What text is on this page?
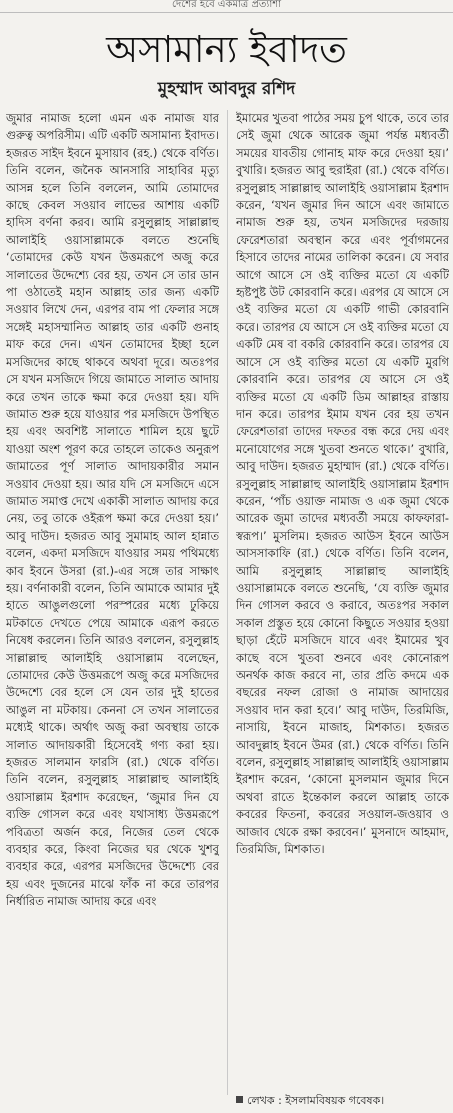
দেশের হবে একমাত্র প্রত্যাশা
অসামান্য ইবাদত
মুহম্মাদ আবদুর রশিদ

জুমার নামাজ হলো এমন এক নামাজ যার গুরুত্ব অপরিসীম। এটি একটি অসামান্য ইবাদত। হজরত সাইদ ইবনে মুসায়াব (রহ.) থেকে বর্ণিত। তিনি বলেন, জনৈক আনসারি সাহাবির মৃত্যু আসন্ন হলে তিনি বললেন, আমি তোমাদের কাছে কেবল সওয়াব লাভের আশায় একটি হাদিস বর্ণনা করব। আমি রসুলুল্লাহ সাল্লাল্লাহু আলাইহি ওয়াসাল্লামকে বলতে শুনেছি ‘তোমাদের কেউ যখন উত্তমরূপে অজু করে সালাতের উদ্দেশ্যে বের হয়, তখন সে তার ডান পা ওঠাতেই মহান আল্লাহ তার জন্য একটি সওয়াব লিখে দেন, এরপর বাম পা ফেলার সঙ্গে সঙ্গেই মহাসম্মানিত আল্লাহ তার একটি গুনাহ মাফ করে দেন। এখন তোমাদের ইচ্ছা হলে মসজিদের কাছে থাকবে অথবা দূরে। অতঃপর সে যখন মসজিদে গিয়ে জামাতে সালাত আদায় করে তখন তাকে ক্ষমা করে দেওয়া হয়। যদি জামাত শুরু হয়ে যাওয়ার পর মসজিদে উপস্থিত হয় এবং অবশিষ্ট সালাতে শামিল হয়ে ছুটে যাওয়া অংশ পূরণ করে তাহলে তাকেও অনুরূপ জামাতের পূর্ণ সালাত আদায়কারীর সমান সওয়াব দেওয়া হয়। আর যদি সে মসজিদে এসে জামাত সমাপ্ত দেখে একাকী সালাত আদায় করে নেয়, তবু তাকে ওইরূপ ক্ষমা করে দেওয়া হয়।’ আবু দাউদ। হজরত আবু সুমামাহ আল হান্নাত বলেন, একদা মসজিদে যাওয়ার সময় পথিমধ্যে কাব ইবনে উসরা (রা.)-এর সঙ্গে তার সাক্ষাৎ হয়। বর্ণনাকারী বলেন, তিনি আমাকে আমার দুই হাতে আঙুলগুলো পরস্পরের মধ্যে ঢুকিয়ে মটকাতে দেখতে পেয়ে আমাকে এরূপ করতে নিষেধ করলেন। তিনি আরও বললেন, রসুলুল্লাহ সাল্লাল্লাহু আলাইহি ওয়াসাল্লাম বলেছেন, তোমাদের কেউ উত্তমরূপে অজু করে মসজিদের উদ্দেশ্যে বের হলে সে যেন তার দুই হাতের আঙুল না মটকায়। কেননা সে তখন সালাতের মধ্যেই থাকে। অর্থাৎ অজু করা অবস্থায় তাকে সালাত আদায়কারী হিসেবেই গণ্য করা হয়। হজরত সালমান ফারসি (রা.) থেকে বর্ণিত। তিনি বলেন, রসুলুল্লাহ সাল্লাল্লাহু আলাইহি ওয়াসাল্লাম ইরশাদ করেছেন, ‘জুমার দিন যে ব্যক্তি গোসল করে এবং যথাসাধ্য উত্তমরূপে পবিত্রতা অর্জন করে, নিজের তেল থেকে ব্যবহার করে, কিংবা নিজের ঘর থেকে খুশবু ব্যবহার করে, এরপর মসজিদের উদ্দেশ্যে বের হয় এবং দুজনের মাঝে ফাঁক না করে তারপর নির্ধারিত নামাজ আদায় করে এবং

ইমামের খুতবা পাঠের সময় চুপ থাকে, তবে তার সেই জুমা থেকে আরেক জুমা পর্যন্ত মধ্যবর্তী সময়ের যাবতীয় গোনাহ মাফ করে দেওয়া হয়।’ বুখারি। হজরত আবু হুরাইরা (রা.) থেকে বর্ণিত। রসুলুল্লাহ সাল্লাল্লাহু আলাইহি ওয়াসাল্লাম ইরশাদ করেন, ‘যখন জুমার দিন আসে এবং জামাতে নামাজ শুরু হয়, তখন মসজিদের দরজায় ফেরেশতারা অবস্থান করে এবং পূর্বাগমনের হিসাবে তাদের নামের তালিকা করেন। যে সবার আগে আসে সে ওই ব্যক্তির মতো যে একটি হৃষ্টপুষ্ট উট কোরবানি করে। এরপর যে আসে সে ওই ব্যক্তির মতো যে একটি গাভী কোরবানি করে। তারপর যে আসে সে ওই ব্যক্তির মতো যে একটি মেষ বা বকরি কোরবানি করে। তারপর যে আসে সে ওই ব্যক্তির মতো যে একটি মুরগি কোরবানি করে। তারপর যে আসে সে ওই ব্যক্তির মতো যে একটি ডিম আল্লাহর রাস্তায় দান করে। তারপর ইমাম যখন বের হয় তখন ফেরেশতারা তাদের দফতর বন্ধ করে দেয় এবং মনোযোগের সঙ্গে খুতবা শুনতে থাকে।’ বুখারি, আবু দাউদ। হজরত মুহাম্মাদ (রা.) থেকে বর্ণিত। রসুলুল্লাহ সাল্লাল্লাহু আলাইহি ওয়াসাল্লাম ইরশাদ করেন, ‘পাঁচ ওয়াক্ত নামাজ ও এক জুমা থেকে আরেক জুমা তাদের মধ্যবর্তী সময়ে কাফফারা-স্বরূপ।’ মুসলিম। হজরত আউস ইবনে আউস আসসাকাফি (রা.) থেকে বর্ণিত। তিনি বলেন, আমি রসুলুল্লাহ সাল্লাল্লাহু আলাইহি ওয়াসাল্লামকে বলতে শুনেছি, ‘যে ব্যক্তি জুমার দিন গোসল করবে ও করাবে, অতঃপর সকাল সকাল প্রস্তুত হয়ে কোনো কিছুতে সওয়ার হওয়া ছাড়া হেঁটে মসজিদে যাবে এবং ইমামের খুব কাছে বসে খুতবা শুনবে এবং কোনোরূপ অনর্থক কাজ করবে না, তার প্রতি কদমে এক বছরের নফল রোজা ও নামাজ আদায়ের সওয়াব দান করা হবে।’ আবু দাউদ, তিরমিজি, নাসায়ি, ইবনে মাজাহ, মিশকাত। হজরত আবদুল্লাহ ইবনে উমর (রা.) থেকে বর্ণিত। তিনি বলেন, রসুলুল্লাহ সাল্লাল্লাহু আলাইহি ওয়াসাল্লাম ইরশাদ করেন, ‘কোনো মুসলমান জুমার দিনে অথবা রাতে ইন্তেকাল করলে আল্লাহ তাকে কবরের ফিতনা, কবরের সওয়াল-জওয়াব ও আজাব থেকে রক্ষা করবেন।’ মুসনাদে আহমাদ, তিরমিজি, মিশকাত।

লেখক : ইসলামবিষয়ক গবেষক।
